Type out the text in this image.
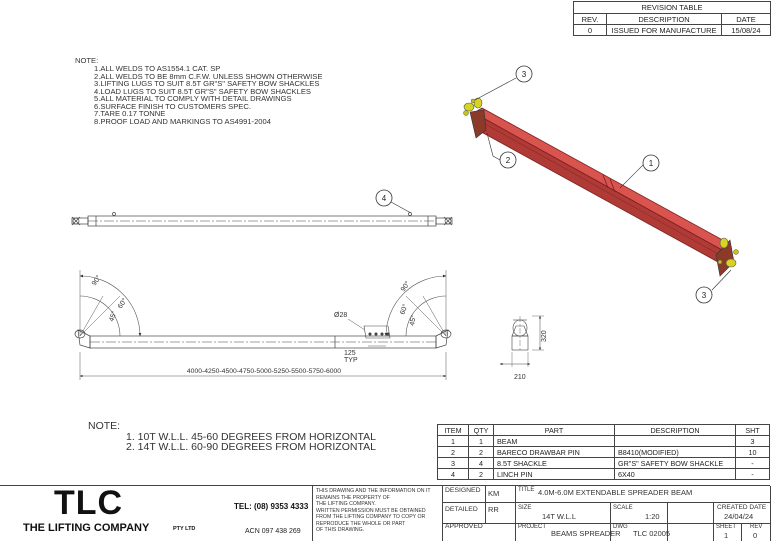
REVISION TABLE
REV.	DESCRIPTION	DATE
0	ISSUED FOR MANUFACTURE	15/08/24
NOTE:
1.ALL WELDS TO AS1554.1 CAT. SP
2.ALL WELDS TO BE 8mm C.F.W. UNLESS SHOWN OTHERWISE
3.LIFTING LUGS TO SUIT 8.5T GR"S" SAFETY BOW SHACKLES
4.LOAD LUGS TO SUIT 8.5T GR"S" SAFETY BOW SHACKLES
5.ALL MATERIAL TO COMPLY WITH DETAIL DRAWINGS
6.SURFACE FINISH TO CUSTOMERS SPEC.
7.TARE 0.17 TONNE
8.PROOF LOAD AND MARKINGS TO AS4991-2004
3
2	1
3
4
90°
60°
45°
90°
60°
45°
Ø28
125
TYP
4000-4250-4500-4750-5000-5250-5500-5750-6000
320
210
NOTE:
1. 10T W.L.L. 45-60 DEGREES FROM HORIZONTAL
2. 14T W.L.L. 60-90 DEGREES FROM HORIZONTAL
ITEM	QTY	PART	DESCRIPTION	SHT
1	1	BEAM		3
2	2	BARECO DRAWBAR PIN	B8410(MODIFIED)	10
3	4	8.5T SHACKLE	GR"S" SAFETY BOW SHACKLE	-
4	2	LINCH PIN	6X40	-
TLC
THE LIFTING COMPANY	PTY LTD
TEL: (08) 9353 4333
ACN 097 438 269
THIS DRAWING AND THE INFORMATION ON IT
REMAINS THE PROPERTY OF
THE LIFTING COMPANY.
WRITTEN PERMISSION MUST BE OBTAINED
FROM THE LIFTING COMPANY TO COPY OR
REPRODUCE THE WHOLE OR PART
OF THIS DRAWING.
DESIGNED KM
DETAILED RR
APPROVED
TITLE 4.0M-6.0M EXTENDABLE SPREADER BEAM
SIZE
14T W.L.L
SCALE
1:20
CREATED DATE
24/04/24
PROJECT
BEAMS SPREADER
DWG
TLC 02005
SHEET
1
REV
0
